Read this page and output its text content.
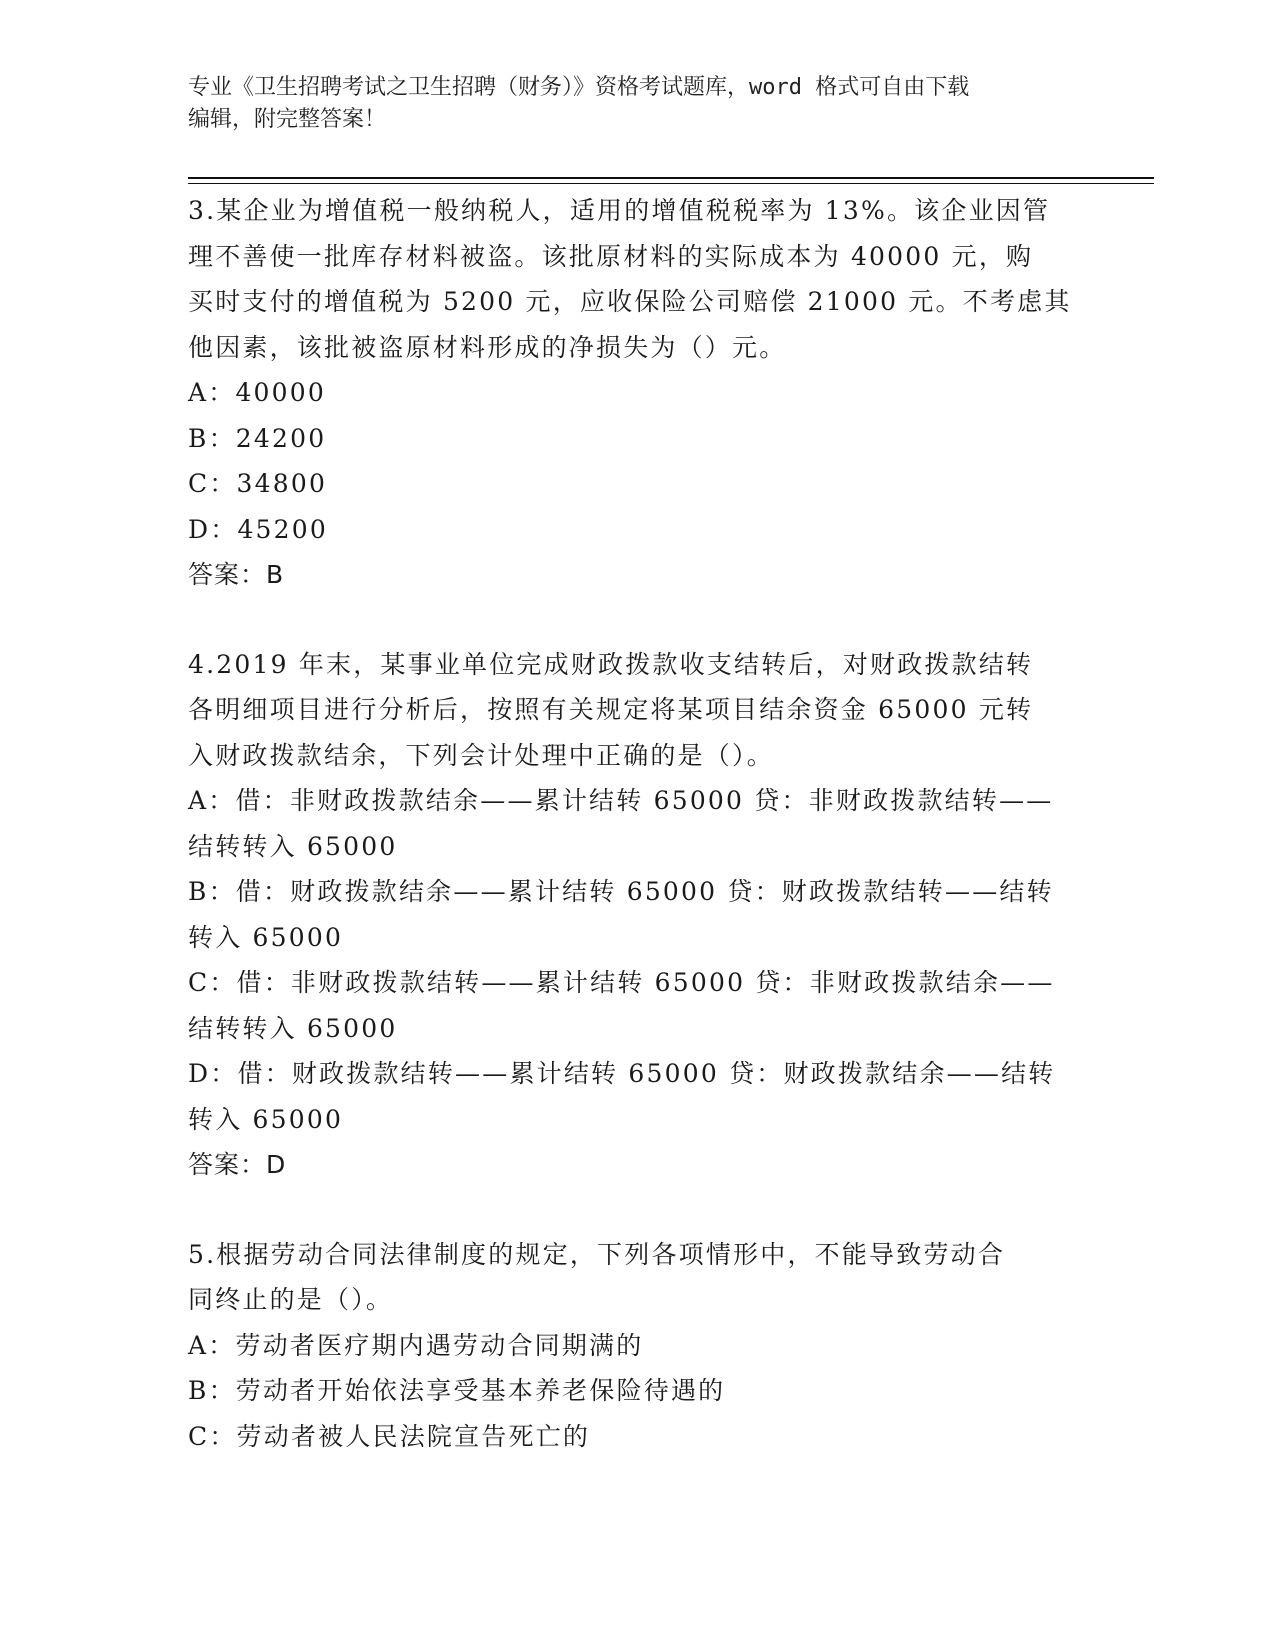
专业《卫生招聘考试之卫生招聘（财务）》资格考试题库，word 格式可自由下载
编辑，附完整答案！

3.某企业为增值税一般纳税人，适用的增值税税率为 13%。该企业因管

理不善使一批库存材料被盗。该批原材料的实际成本为 40000 元，购

买时支付的增值税为 5200 元，应收保险公司赔偿 21000 元。不考虑其

他因素，该批被盗原材料形成的净损失为（）元。

A：40000

B：24200

C：34800

D：45200

答案：B

4.2019 年末，某事业单位完成财政拨款收支结转后，对财政拨款结转

各明细项目进行分析后，按照有关规定将某项目结余资金 65000 元转

入财政拨款结余，下列会计处理中正确的是（）。

A：借：非财政拨款结余——累计结转 65000 贷：非财政拨款结转——

结转转入 65000

B：借：财政拨款结余——累计结转 65000 贷：财政拨款结转——结转

转入 65000

C：借：非财政拨款结转——累计结转 65000 贷：非财政拨款结余——

结转转入 65000

D：借：财政拨款结转——累计结转 65000 贷：财政拨款结余——结转

转入 65000

答案：D

5.根据劳动合同法律制度的规定，下列各项情形中，不能导致劳动合

同终止的是（）。

A：劳动者医疗期内遇劳动合同期满的

B：劳动者开始依法享受基本养老保险待遇的

C：劳动者被人民法院宣告死亡的
